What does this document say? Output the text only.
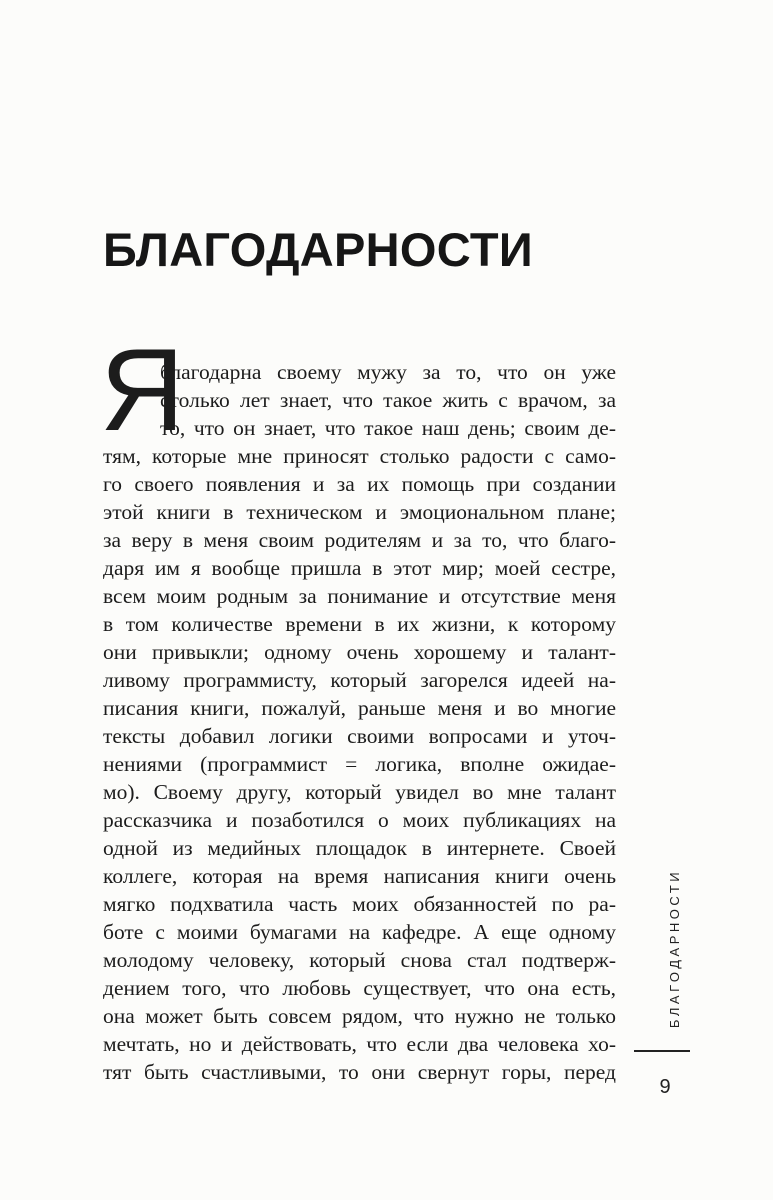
БЛАГОДАРНОСТИ
Я

благодарна своему мужу за то, что он уже

столько лет знает, что такое жить с врачом, за

то, что он знает, что такое наш день; своим де-

тям, которые мне приносят столько радости с само-

го своего появления и за их помощь при создании

этой книги в техническом и эмоциональном плане;

за веру в меня своим родителям и за то, что благо-

даря им я вообще пришла в этот мир; моей сестре,

всем моим родным за понимание и отсутствие меня

в том количестве времени в их жизни, к которому

они привыкли; одному очень хорошему и талант-

ливому программисту, который загорелся идеей на-

писания книги, пожалуй, раньше меня и во многие

тексты добавил логики своими вопросами и уточ-

нениями (программист = логика, вполне ожидае-

мо). Своему другу, который увидел во мне талант

рассказчика и позаботился о моих публикациях на

одной из медийных площадок в интернете. Своей

коллеге, которая на время написания книги очень

мягко подхватила часть моих обязанностей по ра-

боте с моими бумагами на кафедре. А еще одному

молодому человеку, который снова стал подтверж-

дением того, что любовь существует, что она есть,

она может быть совсем рядом, что нужно не только

мечтать, но и действовать, что если два человека хо-

тят быть счастливыми, то они свернут горы, перед

БЛАГОДАРНОСТИ
9
